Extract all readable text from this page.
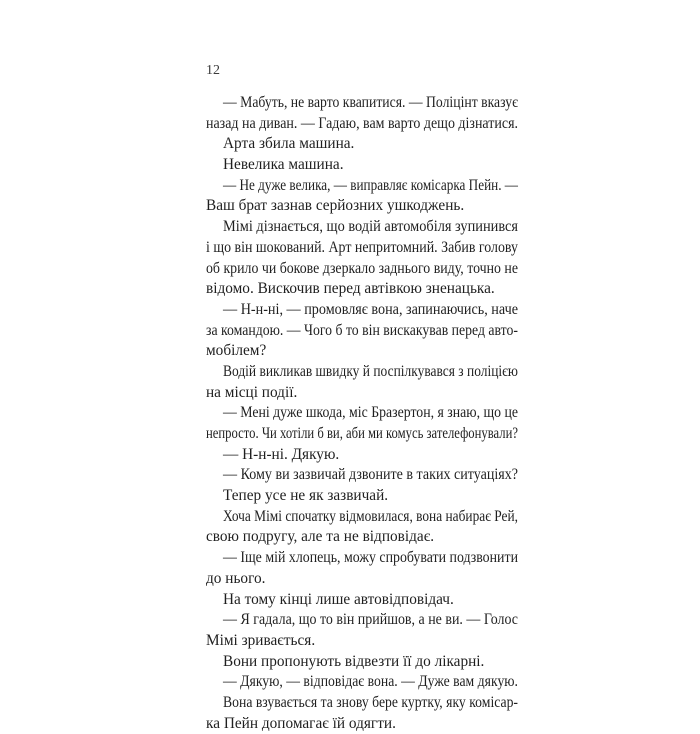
12
— Мабуть, не варто квапитися. — Поліцінт вказує
назад на диван. — Гадаю, вам варто дещо дізнатися.
Арта збила машина.
Невелика машина.
— Не дуже велика, — виправляє комісарка Пейн. —
Ваш брат зазнав серйозних ушкоджень.
Мімі дізнається, що водій автомобіля зупинився
і що він шокований. Арт непритомний. Забив голову
об крило чи бокове дзеркало заднього виду, точно не
відомо. Вискочив перед автівкою зненацька.
— Н-н-ні, — промовляє вона, запинаючись, наче
за командою. — Чого б то він вискакував перед авто-
мобілем?
Водій викликав швидку й поспілкувався з поліцією
на місці події.
— Мені дуже шкода, міс Бразертон, я знаю, що це
непросто. Чи хотіли б ви, аби ми комусь зателефонували?
— Н-н-ні. Дякую.
— Кому ви зазвичай дзвоните в таких ситуаціях?
Тепер усе не як зазвичай.
Хоча Мімі спочатку відмовилася, вона набирає Рей,
свою подругу, але та не відповідає.
— Іще мій хлопець, можу спробувати подзвонити
до нього.
На тому кінці лише автовідповідач.
— Я гадала, що то він прийшов, а не ви. — Голос
Мімі зривається.
Вони пропонують відвезти її до лікарні.
— Дякую, — відповідає вона. — Дуже вам дякую.
Вона взувається та знову бере куртку, яку комісар-
ка Пейн допомагає їй одягти.
